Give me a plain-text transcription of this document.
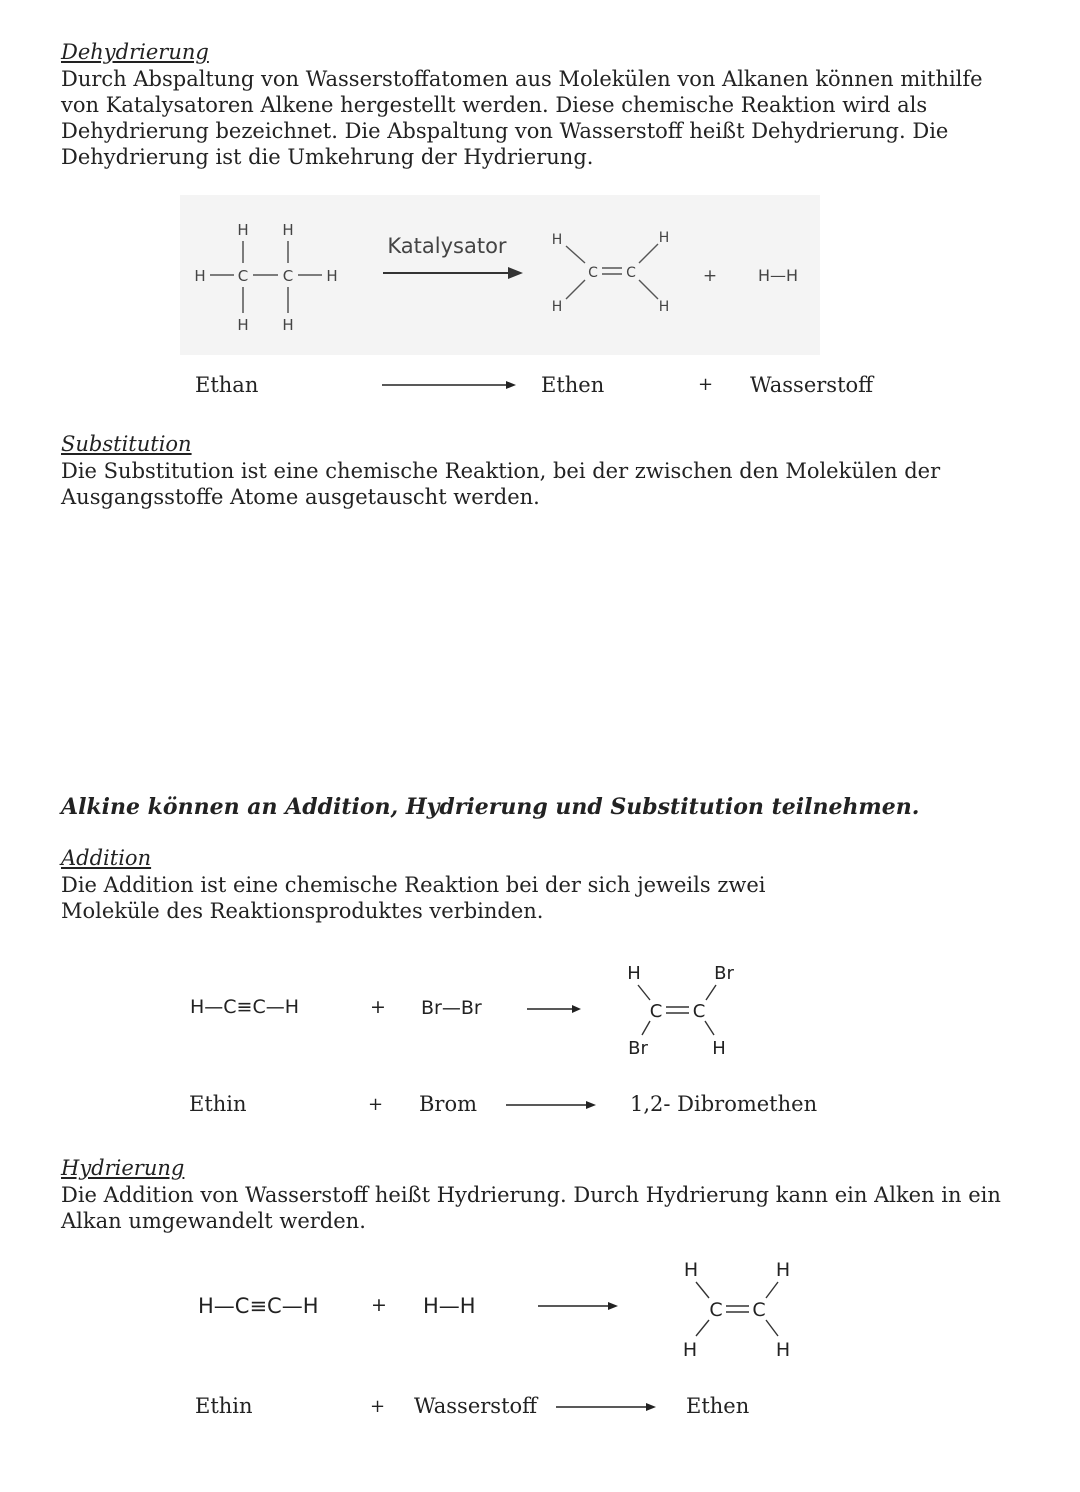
Dehydrierung
Durch Abspaltung von Wasserstoffatomen aus Molekülen von Alkanen können mithilfe von Katalysatoren Alkene hergestellt werden. Diese chemische Reaktion wird als Dehydrierung bezeichnet. Die Abspaltung von Wasserstoff heißt Dehydrierung. Die Dehydrierung ist die Umkehrung der Hydrierung.
H H
H C C H
H H
Katalysator	H	H
C C
H	H
+	H—H
Ethan	Ethen	+ Wasserstoff
Substitution
Die Substitution ist eine chemische Reaktion, bei der zwischen den Molekülen der Ausgangsstoffe Atome ausgetauscht werden.
Alkine können an Addition, Hydrierung und Substitution teilnehmen.
Addition
Die Addition ist eine chemische Reaktion bei der sich jeweils zwei Moleküle des Reaktionsproduktes verbinden.
H—C≡C—H	+ Br—Br
H	Br
C C
Br	H
Ethin	+ Brom	1,2- Dibromethen
Hydrierung
Die Addition von Wasserstoff heißt Hydrierung. Durch Hydrierung kann ein Alken in ein Alkan umgewandelt werden.
H—C≡C—H	+ H—H
H	H
C C
H	H
Ethin	+ Wasserstoff	Ethen
